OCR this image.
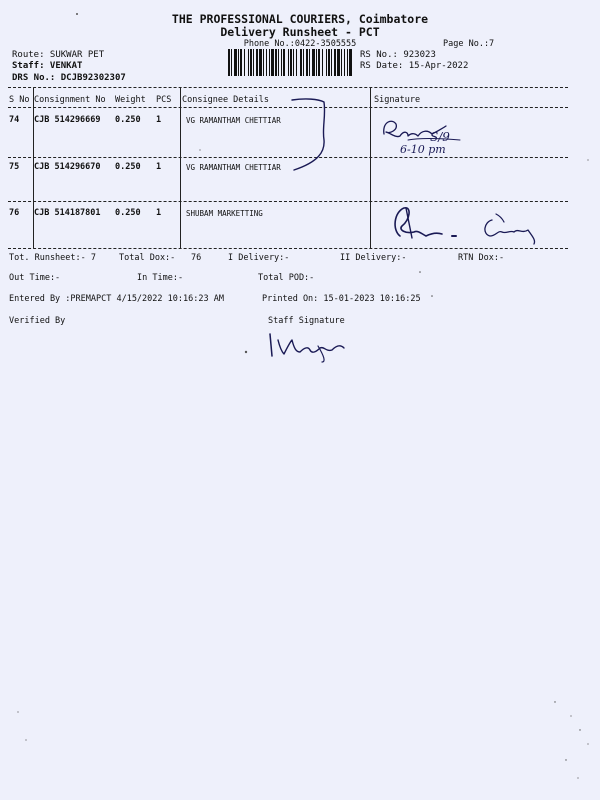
THE PROFESSIONAL COURIERS, Coimbatore
Delivery Runsheet - PCT
Phone No.:0422-3505555	Page No.:7
Route: SUKWAR PET
Staff: VENKAT
DRS No.: DCJB92302307
RS No.: 923023
RS Date: 15-Apr-2022
S No Consignment No Weight PCS Consignee Details	Signature
74 CJB 514296669 0.250 1	VG RAMANTHAM CHETTIAR
75 CJB 514296670 0.250 1	VG RAMANTHAM CHETTIAR
76 CJB 514187801 0.250 1	SHUBAM MARKETTING
S/9
6-10 pm
Tot. Runsheet:- 7	Total Dox:- 76	I Delivery:-	II Delivery:-	RTN Dox:-
Out Time:-	In Time:-	Total POD:-
Entered By :PREMAPCT 4/15/2022 10:16:23 AM	Printed On: 15-01-2023 10:16:25
Verified By	Staff Signature
